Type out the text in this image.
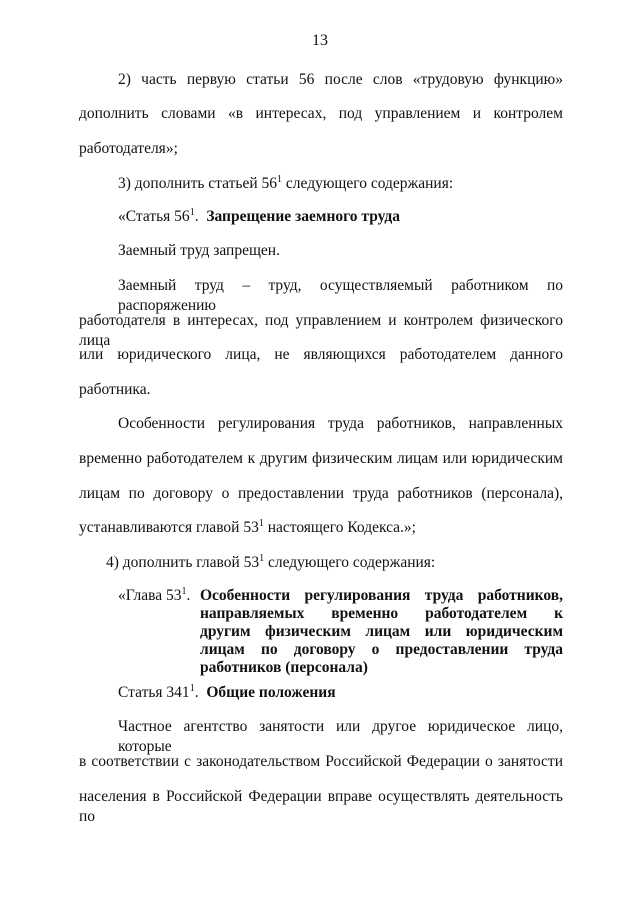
13
2) часть первую статьи 56 после слов «трудовую функцию»
дополнить словами «в интересах, под управлением и контролем
работодателя»;
3) дополнить статьей $56^1$ следующего содержания:
«Статья $56^1$. Запрещение заемного труда
Заемный труд запрещен.
Заемный труд – труд, осуществляемый работником по распоряжению
работодателя в интересах, под управлением и контролем физического лица
или юридического лица, не являющихся работодателем данного
работника.
Особенности регулирования труда работников, направленных
временно работодателем к другим физическим лицам или юридическим
лицам по договору о предоставлении труда работников (персонала),
устанавливаются главой $53^1$ настоящего Кодекса.»;
4) дополнить главой $53^1$ следующего содержания:
«Глава $53^1$. Особенности регулирования труда работников,
направляемых временно работодателем к
другим физическим лицам или юридическим
лицам по договору о предоставлении труда
работников (персонала)
Статья $341^1$. Общие положения
Частное агентство занятости или другое юридическое лицо, которые
в соответствии с законодательством Российской Федерации о занятости
населения в Российской Федерации вправе осуществлять деятельность по
